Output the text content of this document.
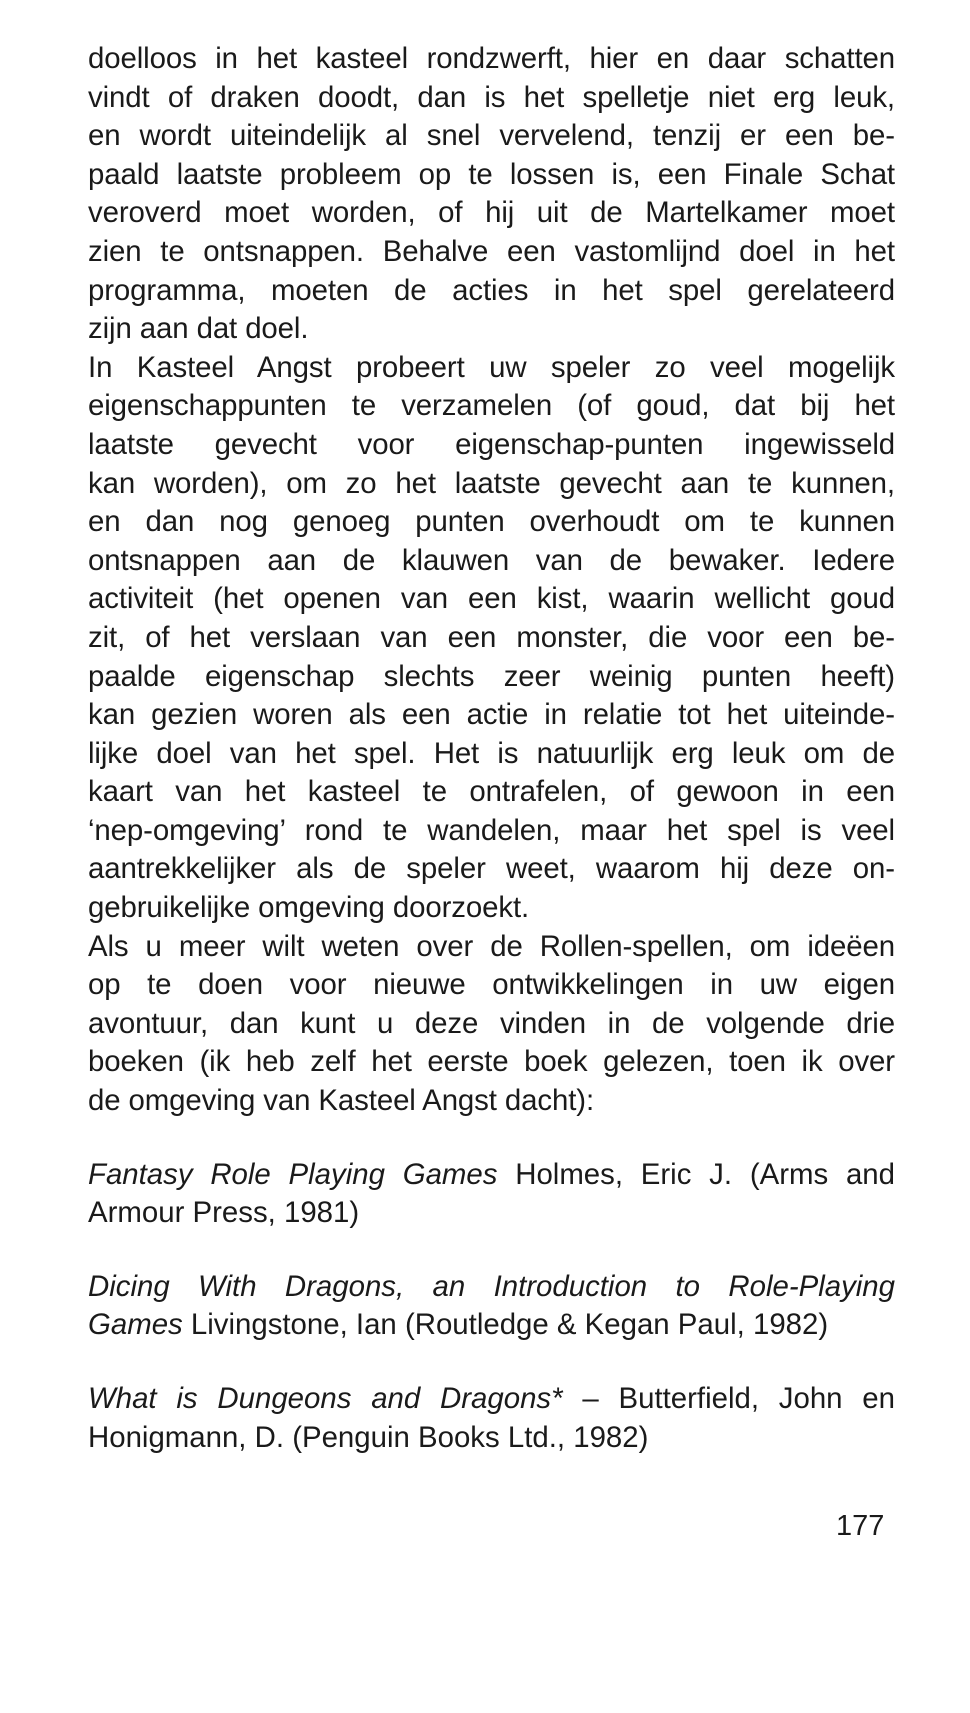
doelloos in het kasteel rondzwerft, hier en daar schatten
vindt of draken doodt, dan is het spelletje niet erg leuk,
en wordt uiteindelijk al snel vervelend, tenzij er een be-
paald laatste probleem op te lossen is, een Finale Schat
veroverd moet worden, of hij uit de Martelkamer moet
zien te ontsnappen. Behalve een vastomlijnd doel in het
programma, moeten de acties in het spel gerelateerd
zijn aan dat doel.

In Kasteel Angst probeert uw speler zo veel mogelijk
eigenschappunten te verzamelen (of goud, dat bij het
laatste gevecht voor eigenschap-punten ingewisseld
kan worden), om zo het laatste gevecht aan te kunnen,
en dan nog genoeg punten overhoudt om te kunnen
ontsnappen aan de klauwen van de bewaker. Iedere
activiteit (het openen van een kist, waarin wellicht goud
zit, of het verslaan van een monster, die voor een be-
paalde eigenschap slechts zeer weinig punten heeft)
kan gezien woren als een actie in relatie tot het uiteinde-
lijke doel van het spel. Het is natuurlijk erg leuk om de
kaart van het kasteel te ontrafelen, of gewoon in een
‘nep-omgeving’ rond te wandelen, maar het spel is veel
aantrekkelijker als de speler weet, waarom hij deze on-
gebruikelijke omgeving doorzoekt.

Als u meer wilt weten over de Rollen-spellen, om ideëen
op te doen voor nieuwe ontwikkelingen in uw eigen
avontuur, dan kunt u deze vinden in de volgende drie
boeken (ik heb zelf het eerste boek gelezen, toen ik over
de omgeving van Kasteel Angst dacht):

Fantasy Role Playing Games Holmes, Eric J. (Arms and
Armour Press, 1981)

Dicing With Dragons, an Introduction to Role-Playing
Games Livingstone, Ian (Routledge & Kegan Paul, 1982)

What is Dungeons and Dragons* – Butterfield, John en
Honigmann, D. (Penguin Books Ltd., 1982)

177
